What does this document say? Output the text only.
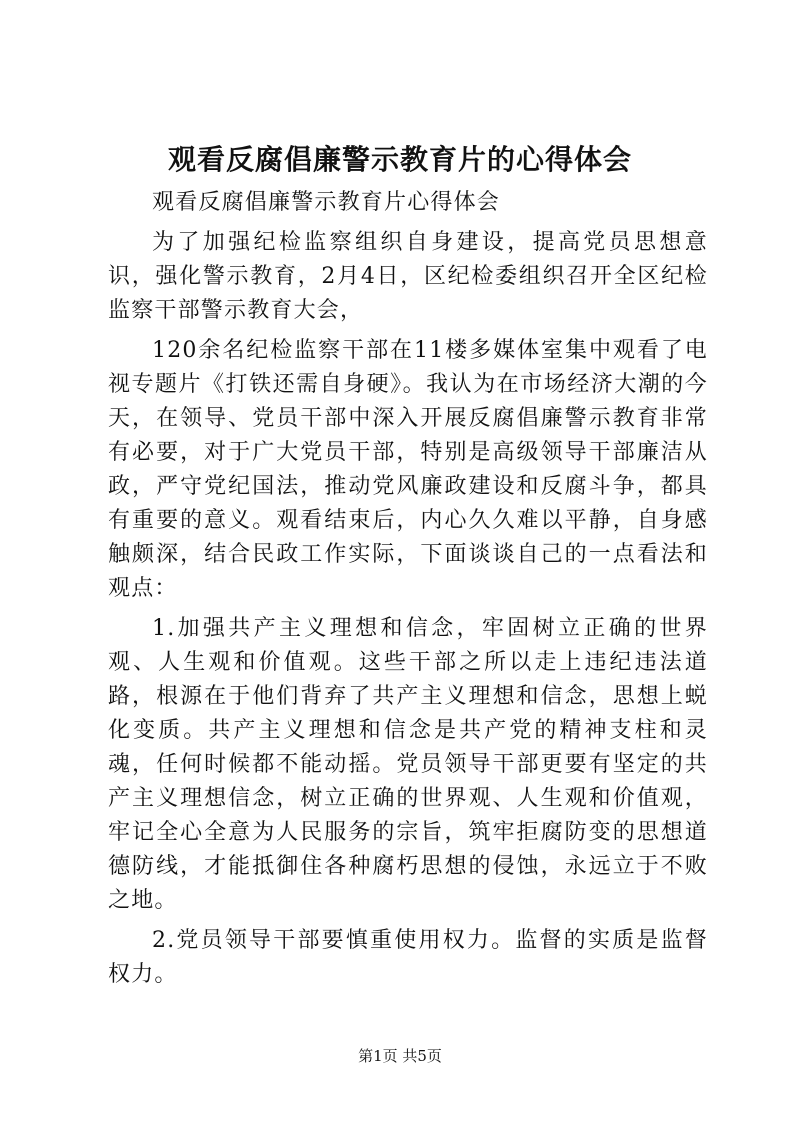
观看反腐倡廉警示教育片的心得体会

观看反腐倡廉警示教育片心得体会

为了加强纪检监察组织自身建设，提高党员思想意识，强化警示教育，2月4日，区纪检委组织召开全区纪检监察干部警示教育大会，

120余名纪检监察干部在11楼多媒体室集中观看了电视专题片《打铁还需自身硬》。我认为在市场经济大潮的今天，在领导、党员干部中深入开展反腐倡廉警示教育非常有必要，对于广大党员干部，特别是高级领导干部廉洁从政，严守党纪国法，推动党风廉政建设和反腐斗争，都具有重要的意义。观看结束后，内心久久难以平静，自身感触颇深，结合民政工作实际，下面谈谈自己的一点看法和观点：

1.加强共产主义理想和信念，牢固树立正确的世界观、人生观和价值观。这些干部之所以走上违纪违法道路，根源在于他们背弃了共产主义理想和信念，思想上蜕化变质。共产主义理想和信念是共产党的精神支柱和灵魂，任何时候都不能动摇。党员领导干部更要有坚定的共产主义理想信念，树立正确的世界观、人生观和价值观，牢记全心全意为人民服务的宗旨，筑牢拒腐防变的思想道德防线，才能抵御住各种腐朽思想的侵蚀，永远立于不败之地。

2.党员领导干部要慎重使用权力。监督的实质是监督权力。

第1页 共5页
